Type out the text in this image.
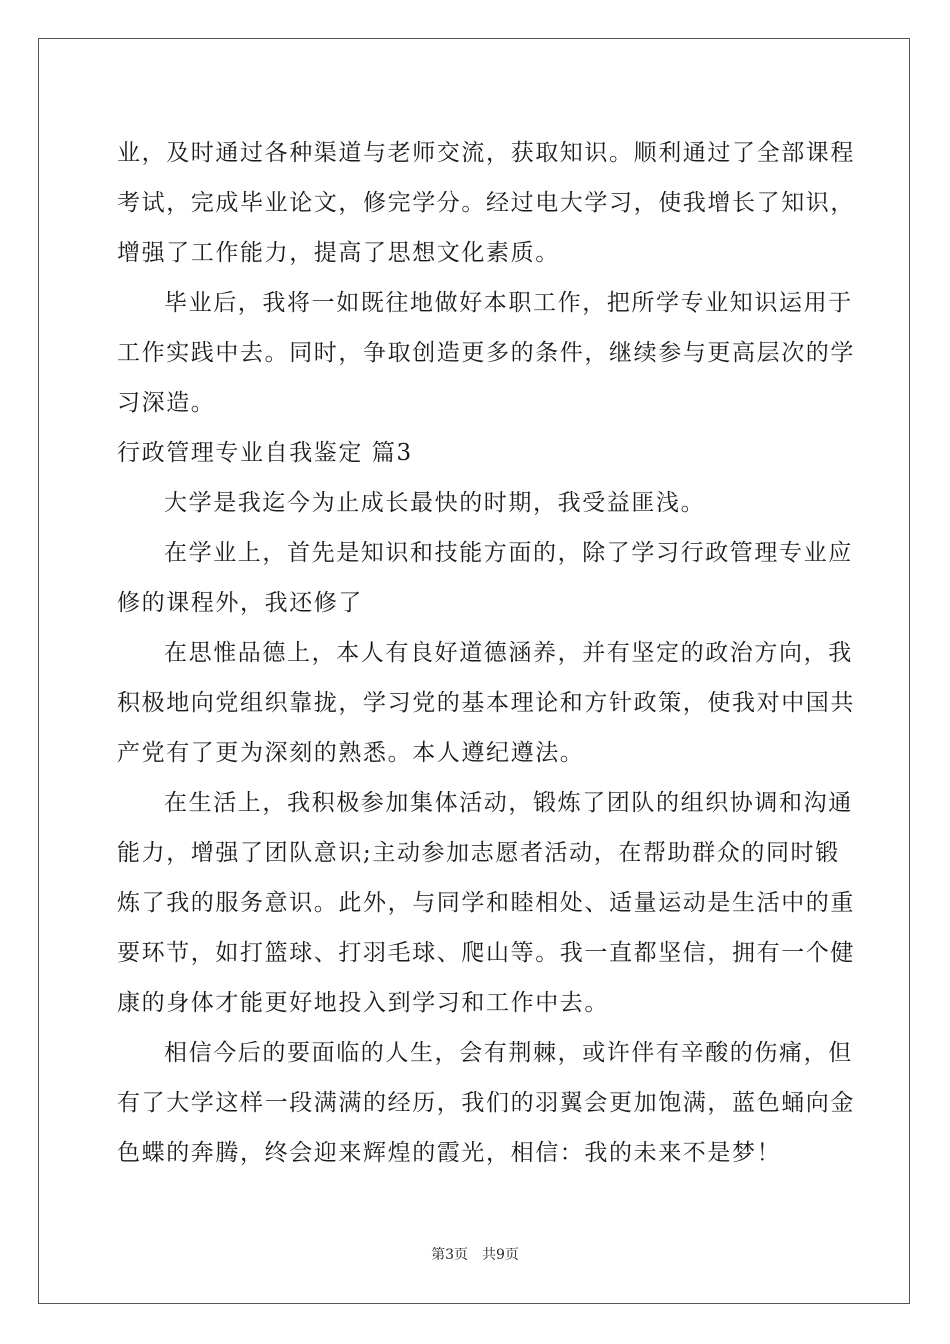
业，及时通过各种渠道与老师交流，获取知识。顺利通过了全部课程
考试，完成毕业论文，修完学分。经过电大学习，使我增长了知识，
增强了工作能力，提高了思想文化素质。
毕业后，我将一如既往地做好本职工作，把所学专业知识运用于
工作实践中去。同时，争取创造更多的条件，继续参与更高层次的学
习深造。
行政管理专业自我鉴定 篇3
大学是我迄今为止成长最快的时期，我受益匪浅。
在学业上，首先是知识和技能方面的，除了学习行政管理专业应
修的课程外，我还修了
在思惟品德上，本人有良好道德涵养，并有坚定的政治方向，我
积极地向党组织靠拢，学习党的基本理论和方针政策，使我对中国共
产党有了更为深刻的熟悉。本人遵纪遵法。
在生活上，我积极参加集体活动，锻炼了团队的组织协调和沟通
能力，增强了团队意识;主动参加志愿者活动，在帮助群众的同时锻
炼了我的服务意识。此外，与同学和睦相处、适量运动是生活中的重
要环节，如打篮球、打羽毛球、爬山等。我一直都坚信，拥有一个健
康的身体才能更好地投入到学习和工作中去。
相信今后的要面临的人生，会有荆棘，或许伴有辛酸的伤痛，但
有了大学这样一段满满的经历，我们的羽翼会更加饱满，蓝色蛹向金
色蝶的奔腾，终会迎来辉煌的霞光，相信：我的未来不是梦！
第3页 共9页
